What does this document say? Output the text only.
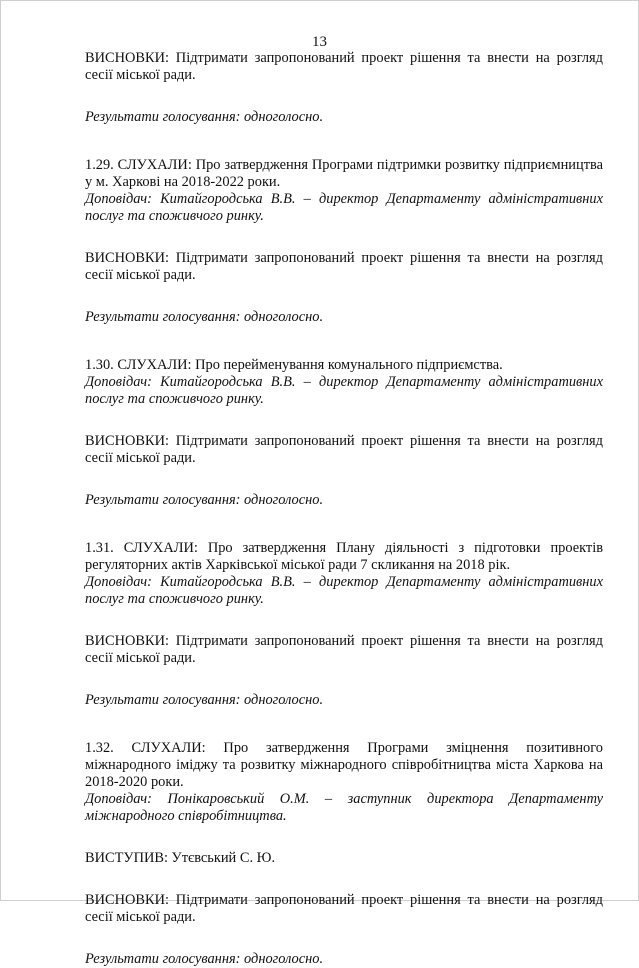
13

ВИСНОВКИ: Підтримати запропонований проект рішення та внести на розгляд сесії міської ради.

Результати голосування: одноголосно.

1.29. СЛУХАЛИ: Про затвердження Програми підтримки розвитку підприємництва у м. Харкові на 2018-2022 роки.

Доповідач: Китайгородська В.В. – директор Департаменту адміністративних послуг та споживчого ринку.

ВИСНОВКИ: Підтримати запропонований проект рішення та внести на розгляд сесії міської ради.

Результати голосування: одноголосно.

1.30. СЛУХАЛИ: Про перейменування комунального підприємства.

Доповідач: Китайгородська В.В. – директор Департаменту адміністративних послуг та споживчого ринку.

ВИСНОВКИ: Підтримати запропонований проект рішення та внести на розгляд сесії міської ради.

Результати голосування: одноголосно.

1.31. СЛУХАЛИ: Про затвердження Плану діяльності з підготовки проектів регуляторних актів Харківської міської ради 7 скликання на 2018 рік.

Доповідач: Китайгородська В.В. – директор Департаменту адміністративних послуг та споживчого ринку.

ВИСНОВКИ: Підтримати запропонований проект рішення та внести на розгляд сесії міської ради.

Результати голосування: одноголосно.

1.32. СЛУХАЛИ: Про затвердження Програми зміцнення позитивного міжнародного іміджу та розвитку міжнародного співробітництва міста Харкова на 2018-2020 роки.

Доповідач: Понікаровський О.М. – заступник директора Департаменту міжнародного співробітництва.

ВИСТУПИВ: Утєвський С. Ю.

ВИСНОВКИ: Підтримати запропонований проект рішення та внести на розгляд сесії міської ради.

Результати голосування: одноголосно.
